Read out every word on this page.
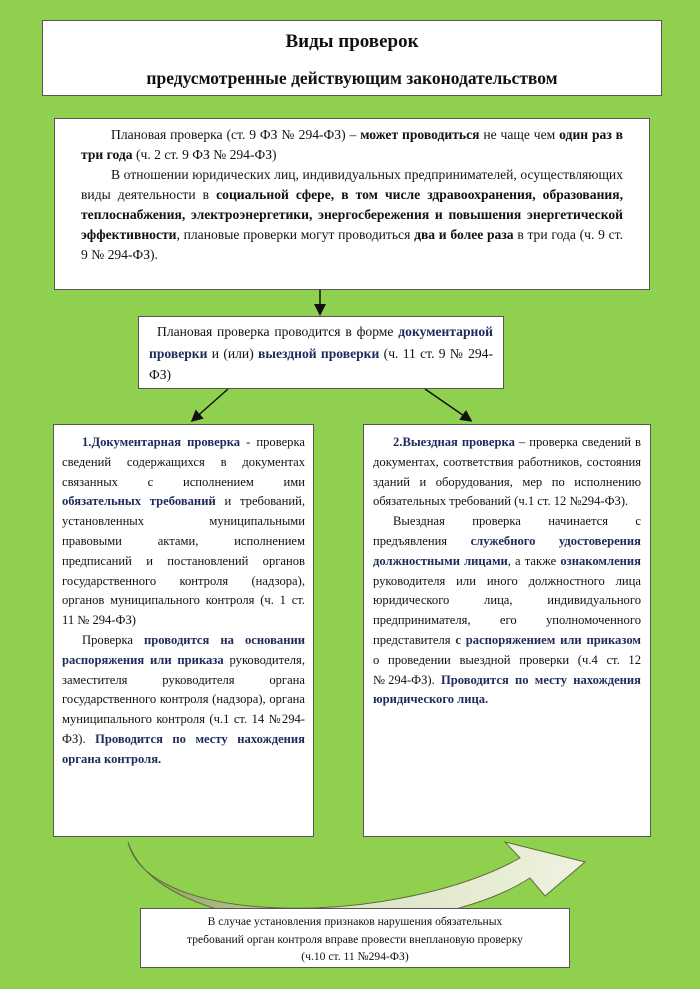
Виды проверок
предусмотренные действующим законодательством

Плановая проверка (ст. 9 ФЗ № 294-ФЗ) – может проводиться не чаще чем один раз в три года (ч. 2 ст. 9 ФЗ № 294-ФЗ)

В отношении юридических лиц, индивидуальных предпринимателей, осуществляющих виды деятельности в социальной сфере, в том числе здравоохранения, образования, теплоснабжения, электроэнергетики, энергосбережения и повышения энергетической эффективности, плановые проверки могут проводиться два и более раза в три года (ч. 9 ст. 9 № 294-ФЗ).

Плановая проверка проводится в форме документарной проверки и (или) выездной проверки (ч. 11 ст. 9 № 294-ФЗ)

1.Документарная проверка - проверка сведений содержащихся в документах связанных с исполнением ими обязательных требований и требований, установленных муниципальными правовыми актами, исполнением предписаний и постановлений органов государственного контроля (надзора), органов муниципального контроля (ч. 1 ст. 11 № 294-ФЗ)

Проверка проводится на основании распоряжения или приказа руководителя, заместителя руководителя органа государственного контроля (надзора), органа муниципального контроля (ч.1 ст. 14 №294-ФЗ). Проводится по месту нахождения органа контроля.

2.Выездная проверка – проверка сведений в документах, соответствия работников, состояния зданий и оборудования, мер по исполнению обязательных требований (ч.1 ст. 12 №294-ФЗ).

Выездная проверка начинается с предъявления служебного удостоверения должностными лицами, а также ознакомления руководителя или иного должностного лица юридического лица, индивидуального предпринимателя, его уполномоченного представителя с распоряжением или приказом о проведении выездной проверки (ч.4 ст. 12 №294-ФЗ). Проводится по месту нахождения юридического лица.

В случае установления признаков нарушения обязательных
требований орган контроля вправе провести внеплановую проверку
(ч.10 ст. 11 №294-ФЗ)
